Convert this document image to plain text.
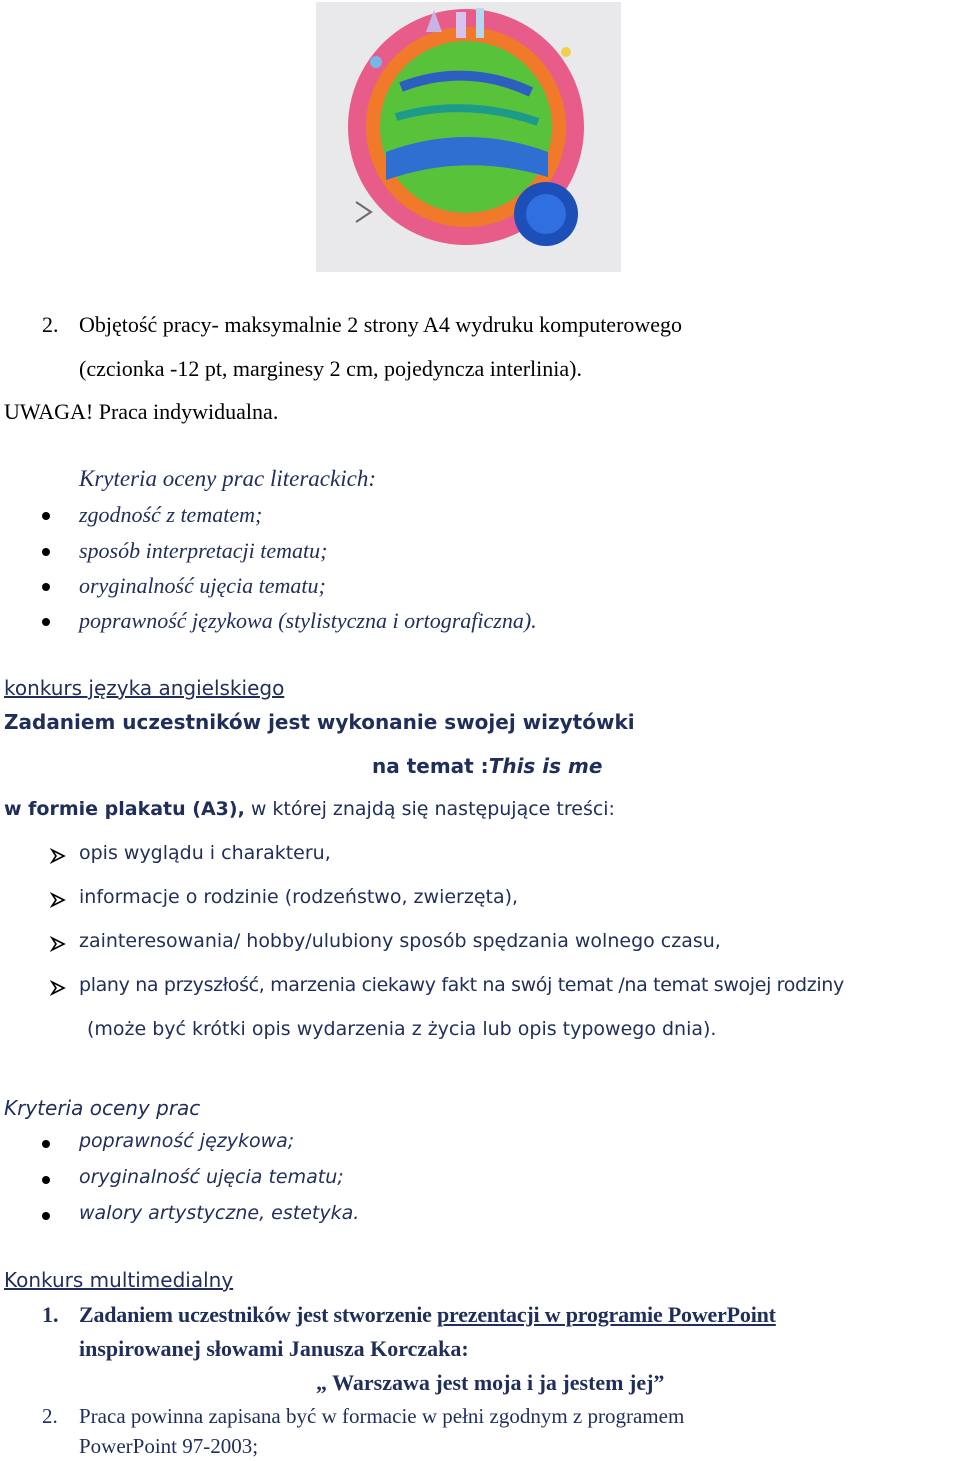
2. Objętość pracy- maksymalnie 2 strony A4 wydruku komputerowego
(czcionka -12 pt, marginesy 2 cm, pojedyncza interlinia).
UWAGA! Praca indywidualna.
Kryteria oceny prac literackich:
zgodność z tematem;
sposób interpretacji tematu;
oryginalność ujęcia tematu;
poprawność językowa (stylistyczna i ortograficzna).
konkurs języka angielskiego
Zadaniem uczestników jest wykonanie swojej wizytówki
na temat :This is me
w formie plakatu (A3), w której znajdą się następujące treści:
opis wyglądu i charakteru,
informacje o rodzinie (rodzeństwo, zwierzęta),
zainteresowania/ hobby/ulubiony sposób spędzania wolnego czasu,
plany na przyszłość, marzenia ciekawy fakt na swój temat /na temat swojej rodziny
(może być krótki opis wydarzenia z życia lub opis typowego dnia).
Kryteria oceny prac
poprawność językowa;
oryginalność ujęcia tematu;
walory artystyczne, estetyka.
Konkurs multimedialny
1. Zadaniem uczestników jest stworzenie prezentacji w programie PowerPoint
inspirowanej słowami Janusza Korczaka:
„ Warszawa jest moja i ja jestem jej”
2. Praca powinna zapisana być w formacie w pełni zgodnym z programem
PowerPoint 97-2003;
